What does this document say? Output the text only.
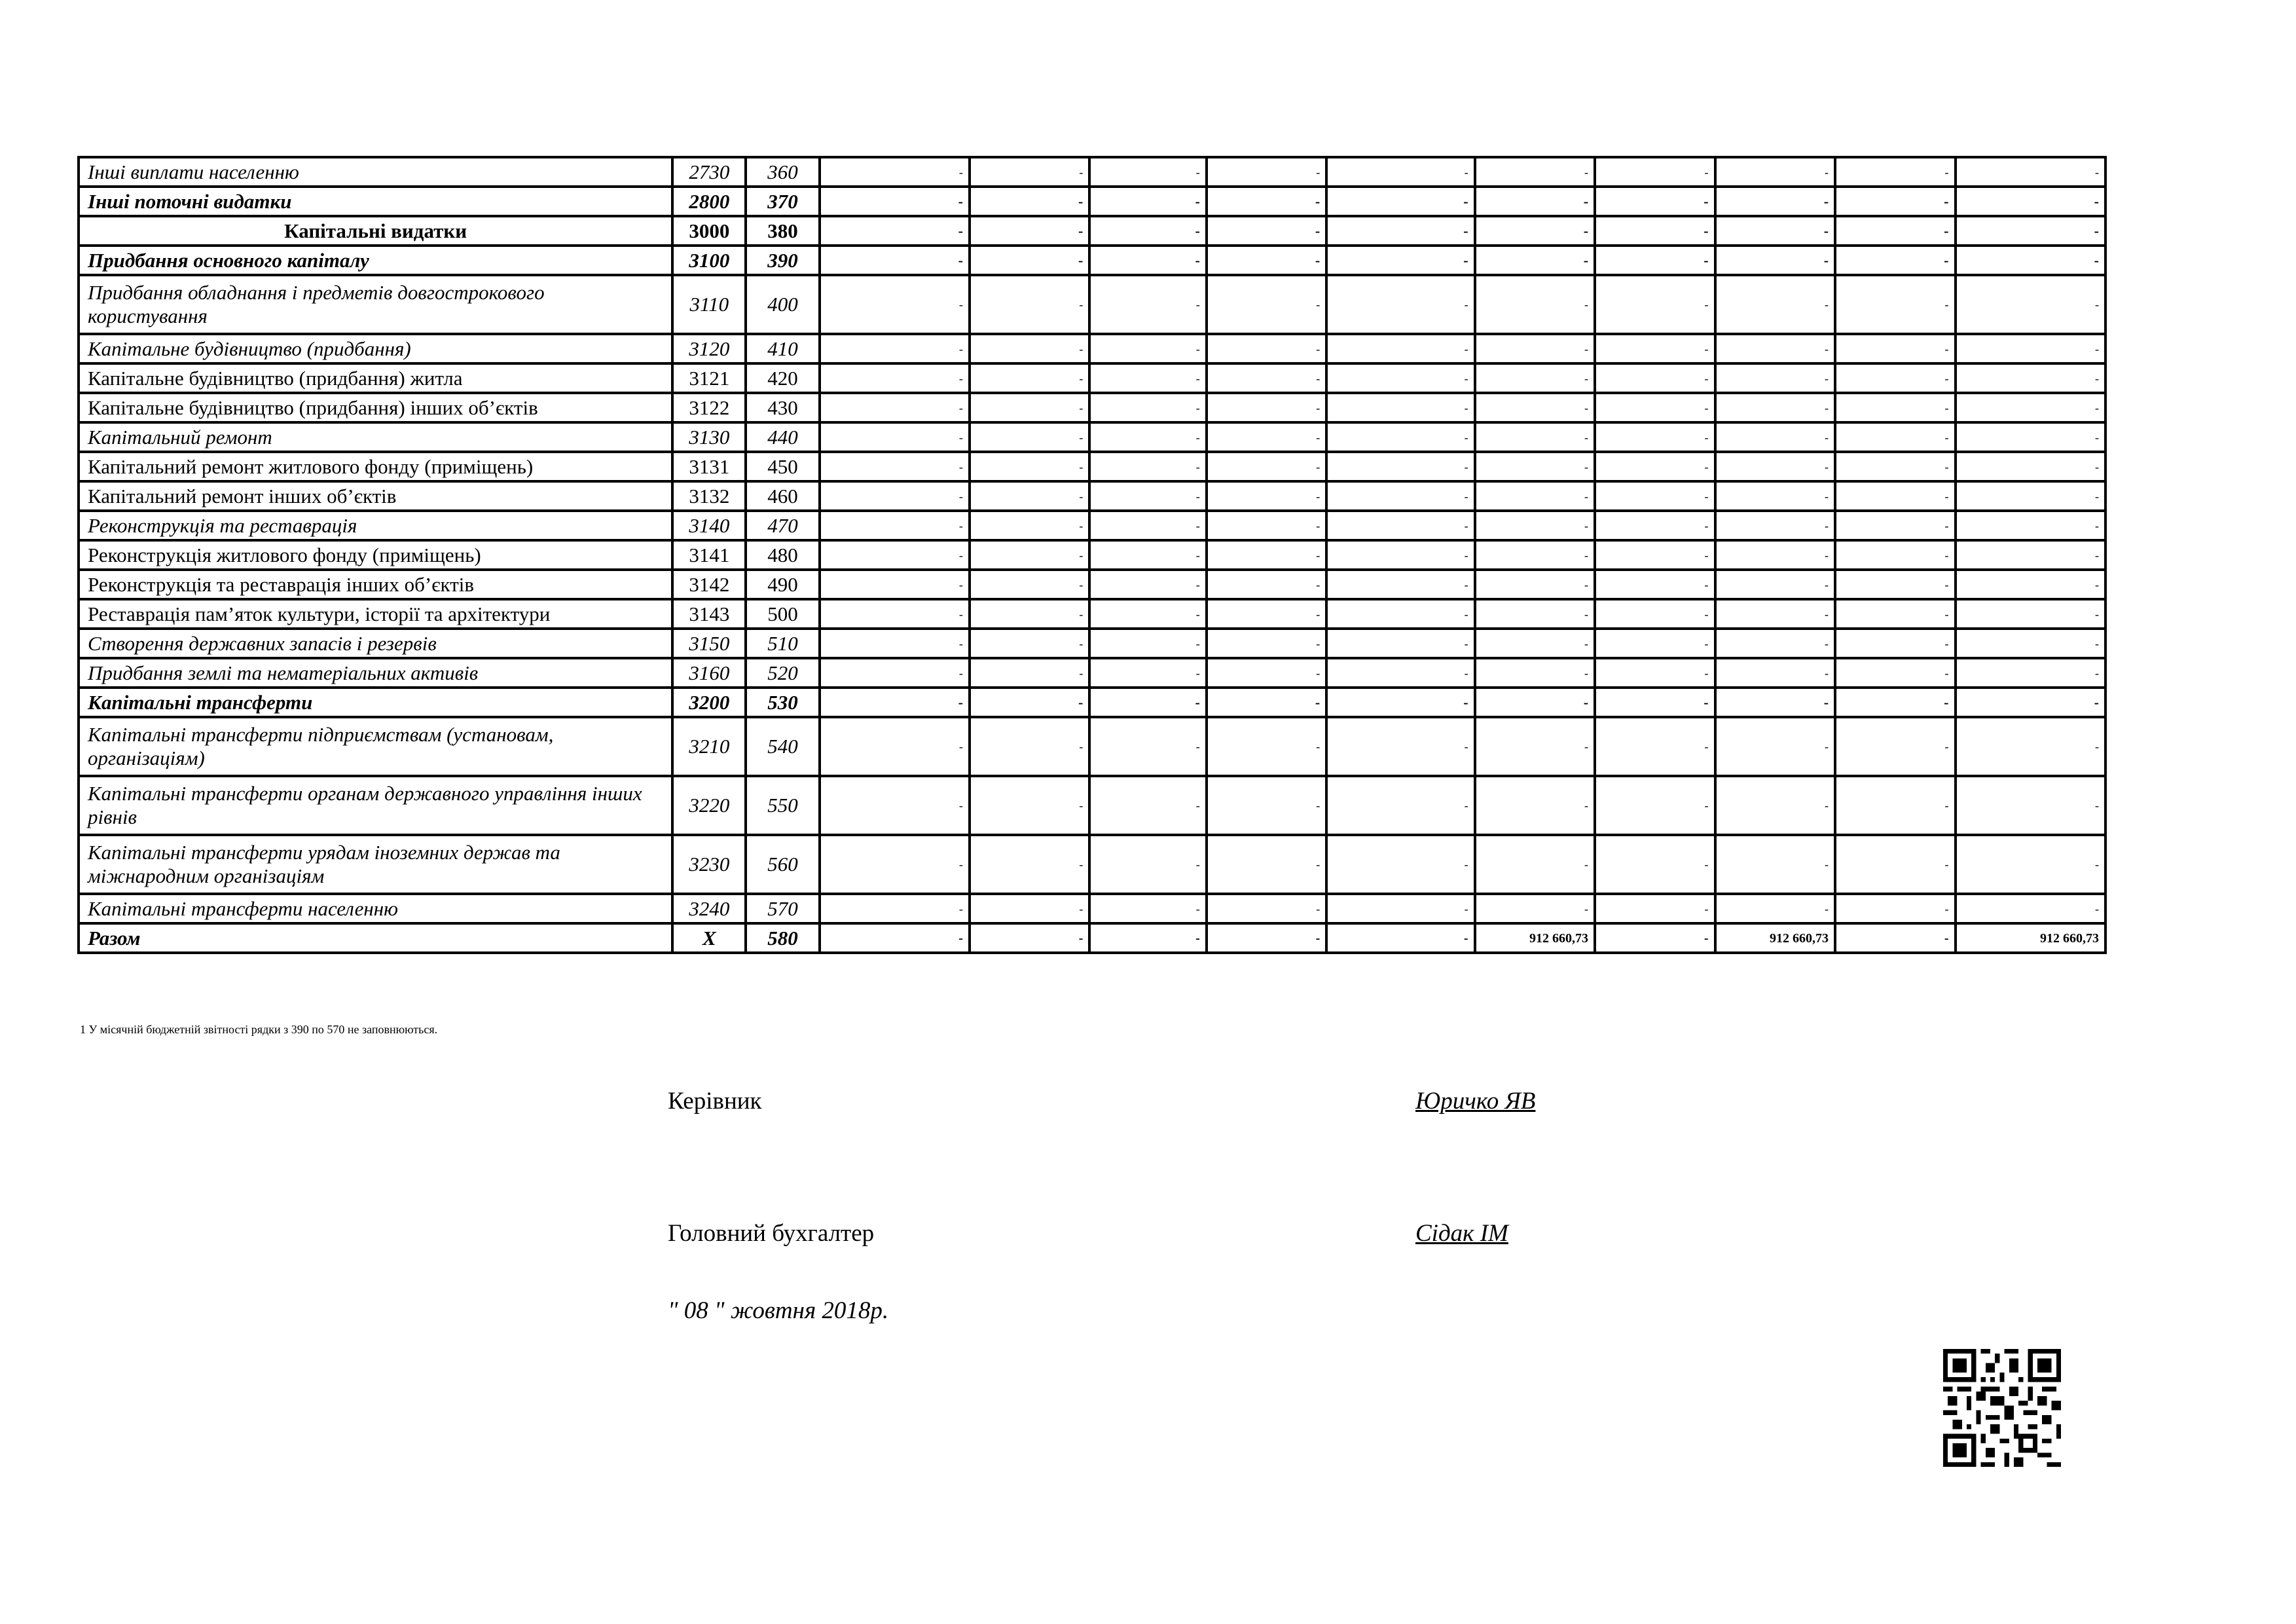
Інші виплати населенню	2730	360	-	-	-	-	-	-	-	-	-	-
Інші поточні видатки	2800	370	-	-	-	-	-	-	-	-	-	-
Капітальні видатки	3000	380	-	-	-	-	-	-	-	-	-	-
Придбання основного капіталу	3100	390	-	-	-	-	-	-	-	-	-	-
Придбання обладнання і предметів довгострокового користування	3110	400	-	-	-	-	-	-	-	-	-	-
Капітальне будівництво (придбання)	3120	410	-	-	-	-	-	-	-	-	-	-
Капітальне будівництво (придбання) житла	3121	420	-	-	-	-	-	-	-	-	-	-
Капітальне будівництво (придбання) інших об’єктів	3122	430	-	-	-	-	-	-	-	-	-	-
Капітальний ремонт	3130	440	-	-	-	-	-	-	-	-	-	-
Капітальний ремонт житлового фонду (приміщень)	3131	450	-	-	-	-	-	-	-	-	-	-
Капітальний ремонт інших об’єктів	3132	460	-	-	-	-	-	-	-	-	-	-
Реконструкція та реставрація	3140	470	-	-	-	-	-	-	-	-	-	-
Реконструкція житлового фонду (приміщень)	3141	480	-	-	-	-	-	-	-	-	-	-
Реконструкція та реставрація інших об’єктів	3142	490	-	-	-	-	-	-	-	-	-	-
Реставрація пам’яток культури, історії та архітектури	3143	500	-	-	-	-	-	-	-	-	-	-
Створення державних запасів і резервів	3150	510	-	-	-	-	-	-	-	-	-	-
Придбання землі та нематеріальних активів	3160	520	-	-	-	-	-	-	-	-	-	-
Капітальні трансферти	3200	530	-	-	-	-	-	-	-	-	-	-
Капітальні трансферти підприємствам (установам, організаціям)	3210	540	-	-	-	-	-	-	-	-	-	-
Капітальні трансферти органам державного управління інших рівнів	3220	550	-	-	-	-	-	-	-	-	-	-
Капітальні трансферти урядам іноземних держав та міжнародним організаціям	3230	560	-	-	-	-	-	-	-	-	-	-
Капітальні трансферти населенню	3240	570	-	-	-	-	-	-	-	-	-	-
Разом	Х	580	-	-	-	-	-	912 660,73	-	912 660,73	-	912 660,73
1 У місячній бюджетній звітності рядки з 390 по 570 не заповнюються.
Керівник	Юричко ЯВ
Головний бухгалтер	Сідак ІМ
" 08 " жовтня 2018р.
